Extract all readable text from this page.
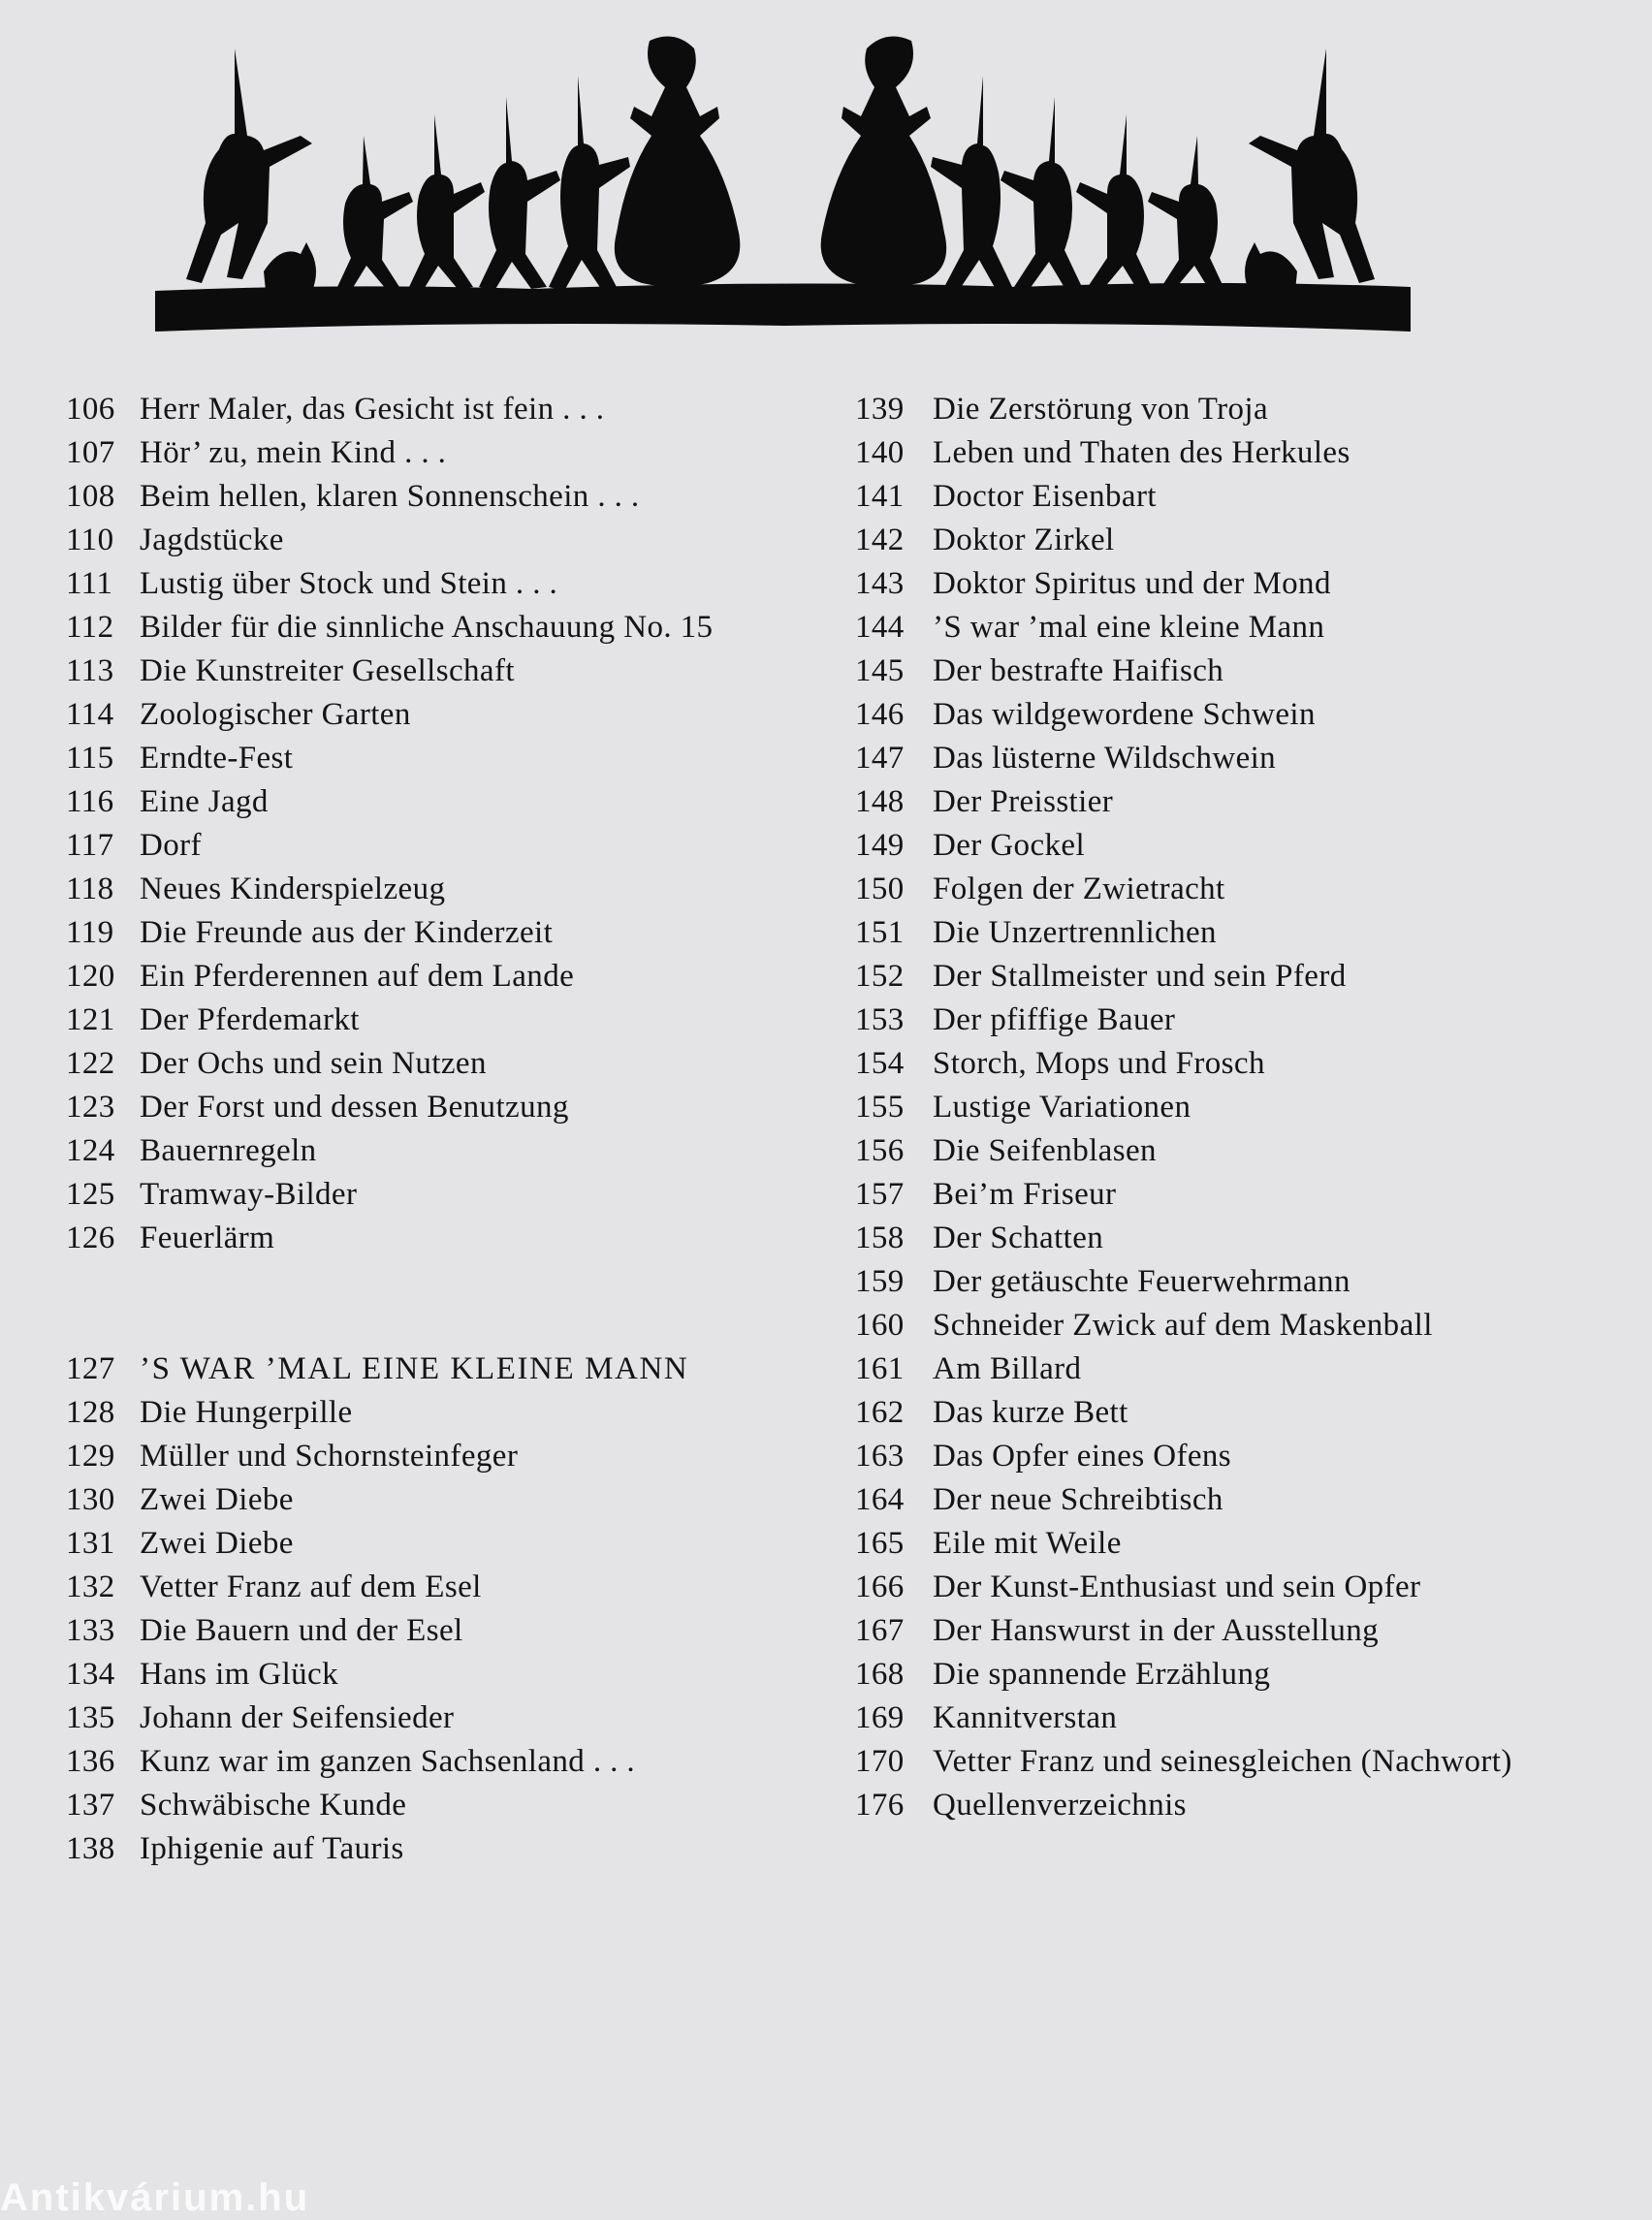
106 Herr Maler, das Gesicht ist fein . . .
107 Hör’ zu, mein Kind . . .
108 Beim hellen, klaren Sonnenschein . . .
110 Jagdstücke
111 Lustig über Stock und Stein . . .
112 Bilder für die sinnliche Anschauung No. 15
113 Die Kunstreiter Gesellschaft
114 Zoologischer Garten
115 Erndte-Fest
116 Eine Jagd
117 Dorf
118 Neues Kinderspielzeug
119 Die Freunde aus der Kinderzeit
120 Ein Pferderennen auf dem Lande
121 Der Pferdemarkt
122 Der Ochs und sein Nutzen
123 Der Forst und dessen Benutzung
124 Bauernregeln
125 Tramway-Bilder
126 Feuerlärm
127 ’S WAR ’MAL EINE KLEINE MANN
128 Die Hungerpille
129 Müller und Schornsteinfeger
130 Zwei Diebe
131 Zwei Diebe
132 Vetter Franz auf dem Esel
133 Die Bauern und der Esel
134 Hans im Glück
135 Johann der Seifensieder
136 Kunz war im ganzen Sachsenland . . .
137 Schwäbische Kunde
138 Iphigenie auf Tauris
139 Die Zerstörung von Troja
140 Leben und Thaten des Herkules
141 Doctor Eisenbart
142 Doktor Zirkel
143 Doktor Spiritus und der Mond
144 ’S war ’mal eine kleine Mann
145 Der bestrafte Haifisch
146 Das wildgewordene Schwein
147 Das lüsterne Wildschwein
148 Der Preisstier
149 Der Gockel
150 Folgen der Zwietracht
151 Die Unzertrennlichen
152 Der Stallmeister und sein Pferd
153 Der pfiffige Bauer
154 Storch, Mops und Frosch
155 Lustige Variationen
156 Die Seifenblasen
157 Bei’m Friseur
158 Der Schatten
159 Der getäuschte Feuerwehrmann
160 Schneider Zwick auf dem Maskenball
161 Am Billard
162 Das kurze Bett
163 Das Opfer eines Ofens
164 Der neue Schreibtisch
165 Eile mit Weile
166 Der Kunst-Enthusiast und sein Opfer
167 Der Hanswurst in der Ausstellung
168 Die spannende Erzählung
169 Kannitverstan
170 Vetter Franz und seinesgleichen (Nachwort)
176 Quellenverzeichnis
Antikvárium.hu
